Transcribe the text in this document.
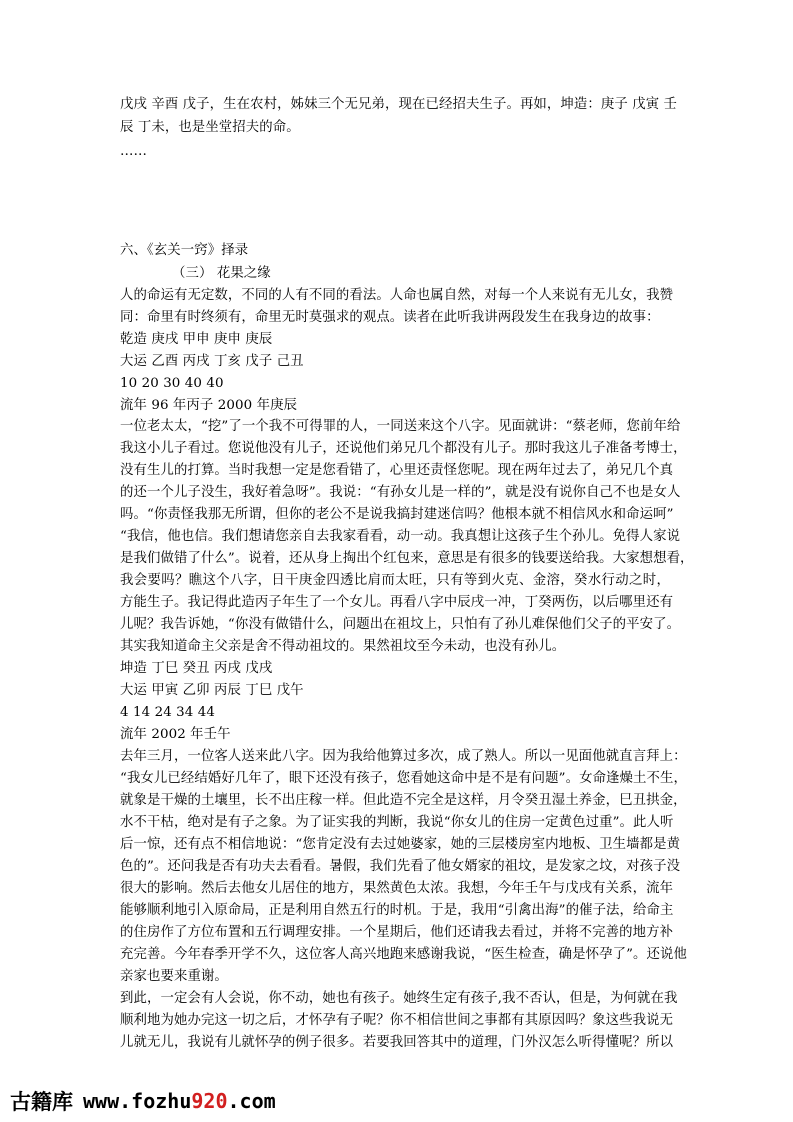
戊戌 辛酉 戊子，生在农村，姊妹三个无兄弟，现在已经招夫生子。再如，坤造：庚子 戊寅 壬
辰 丁未，也是坐堂招夫的命。
……
六、《玄关一窍》择录
（三） 花果之缘
人的命运有无定数，不同的人有不同的看法。人命也属自然，对每一个人来说有无儿女，我赞
同：命里有时终须有，命里无时莫强求的观点。读者在此听我讲两段发生在我身边的故事：
乾造 庚戌 甲申 庚申 庚辰
大运 乙酉 丙戌 丁亥 戊子 己丑
10 20 30 40 40
流年 96 年丙子 2000 年庚辰
一位老太太，“挖”了一个我不可得罪的人，一同送来这个八字。见面就讲：“蔡老师，您前年给
我这小儿子看过。您说他没有儿子，还说他们弟兄几个都没有儿子。那时我这儿子准备考博士，
没有生儿的打算。当时我想一定是您看错了，心里还责怪您呢。现在两年过去了，弟兄几个真
的还一个儿子没生，我好着急呀”。我说：“有孙女儿是一样的”，就是没有说你自己不也是女人
吗。“你责怪我那无所谓，但你的老公不是说我搞封建迷信吗？他根本就不相信风水和命运呵”
“我信，他也信。我们想请您亲自去我家看看，动一动。我真想让这孩子生个孙儿。免得人家说
是我们做错了什么”。说着，还从身上掏出个红包来，意思是有很多的钱要送给我。大家想想看，
我会要吗？瞧这个八字，日干庚金四透比肩而太旺，只有等到火克、金溶，癸水行动之时，
方能生子。我记得此造丙子年生了一个女儿。再看八字中辰戌一冲，丁癸两伤，以后哪里还有
儿呢？我告诉她，“你没有做错什么，问题出在祖坟上，只怕有了孙儿难保他们父子的平安了。
其实我知道命主父亲是舍不得动祖坟的。果然祖坟至今未动，也没有孙儿。
坤造 丁巳 癸丑 丙戌 戊戌
大运 甲寅 乙卯 丙辰 丁巳 戊午
4 14 24 34 44
流年 2002 年壬午
去年三月，一位客人送来此八字。因为我给他算过多次，成了熟人。所以一见面他就直言拜上：
“我女儿已经结婚好几年了，眼下还没有孩子，您看她这命中是不是有问题”。女命逢燥土不生，
就象是干燥的土壤里，长不出庄稼一样。但此造不完全是这样，月令癸丑湿土养金，巳丑拱金，
水不干枯，绝对是有子之象。为了证实我的判断，我说“你女儿的住房一定黄色过重”。此人听
后一惊，还有点不相信地说：“您肯定没有去过她婆家，她的三层楼房室内地板、卫生墙都是黄
色的”。还问我是否有功夫去看看。暑假，我们先看了他女婿家的祖坟，是发家之坟，对孩子没
很大的影响。然后去他女儿居住的地方，果然黄色太浓。我想，今年壬午与戊戌有关系，流年
能够顺利地引入原命局，正是利用自然五行的时机。于是，我用“引禽出海”的催子法，给命主
的住房作了方位布置和五行调理安排。一个星期后，他们还请我去看过，并将不完善的地方补
充完善。今年春季开学不久，这位客人高兴地跑来感谢我说，“医生检查，确是怀孕了”。还说他
亲家也要来重谢。
到此，一定会有人会说，你不动，她也有孩子。她终生定有孩子,我不否认，但是，为何就在我
顺利地为她办完这一切之后，才怀孕有子呢？你不相信世间之事都有其原因吗？象这些我说无
儿就无儿，我说有儿就怀孕的例子很多。若要我回答其中的道理，门外汉怎么听得懂呢？所以
古籍库 www.fozhu920.com
